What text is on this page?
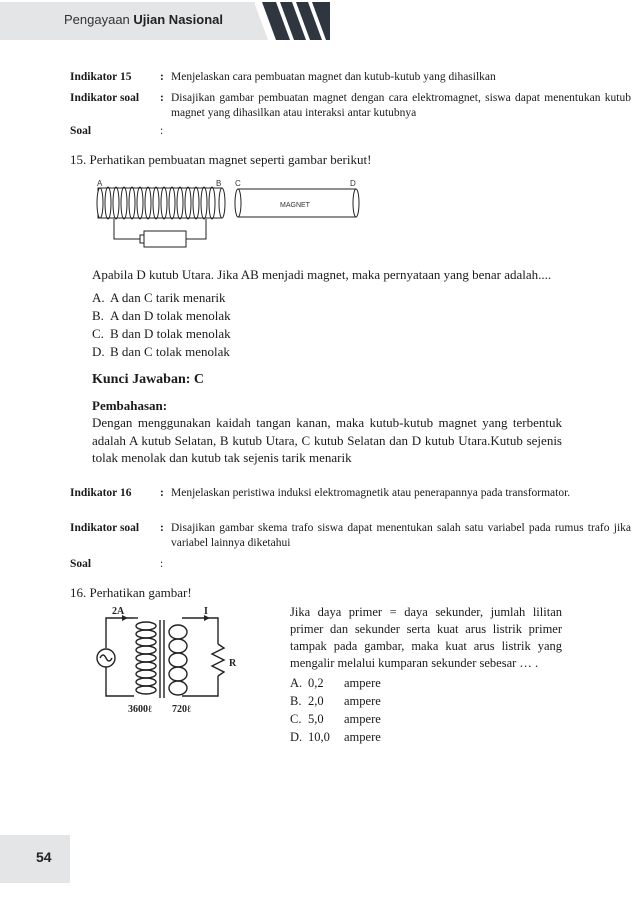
Pengayaan Ujian Nasional
Indikator 15	: Menjelaskan cara pembuatan magnet dan kutub-kutub yang dihasilkan
Indikator soal	: Disajikan gambar pembuatan magnet dengan cara elektromagnet, siswa dapat menentukan kutub magnet yang dihasilkan atau interaksi antar kutubnya
Soal	:
15. Perhatikan pembuatan magnet seperti gambar berikut!
A	B C	D
MAGNET
Apabila D kutub Utara. Jika AB menjadi magnet, maka pernyataan yang benar adalah....
A. A dan C tarik menarik
B. A dan D tolak menolak
C. B dan D tolak menolak
D. B dan C tolak menolak
Kunci Jawaban: C
Pembahasan:
Dengan menggunakan kaidah tangan kanan, maka kutub-kutub magnet yang terbentuk adalah A kutub Selatan, B kutub Utara, C kutub Selatan dan D kutub Utara.Kutub sejenis tolak menolak dan kutub tak sejenis tarik menarik
Indikator 16	: Menjelaskan peristiwa induksi elektromagnetik atau penerapannya pada transformator.
Indikator soal	: Disajikan gambar skema trafo siswa dapat menentukan salah satu variabel pada rumus trafo jika variabel lainnya diketahui
Soal	:
16. Perhatikan gambar!
2A	I
R
3600ℓ 720ℓ
Jika daya primer = daya sekunder, jumlah lilitan primer dan sekunder serta kuat arus listrik primer tampak pada gambar, maka kuat arus listrik yang mengalir melalui kumparan sekunder sebesar … .
A. 0,2 ampere
B. 2,0 ampere
C. 5,0 ampere
D. 10,0 ampere
54
